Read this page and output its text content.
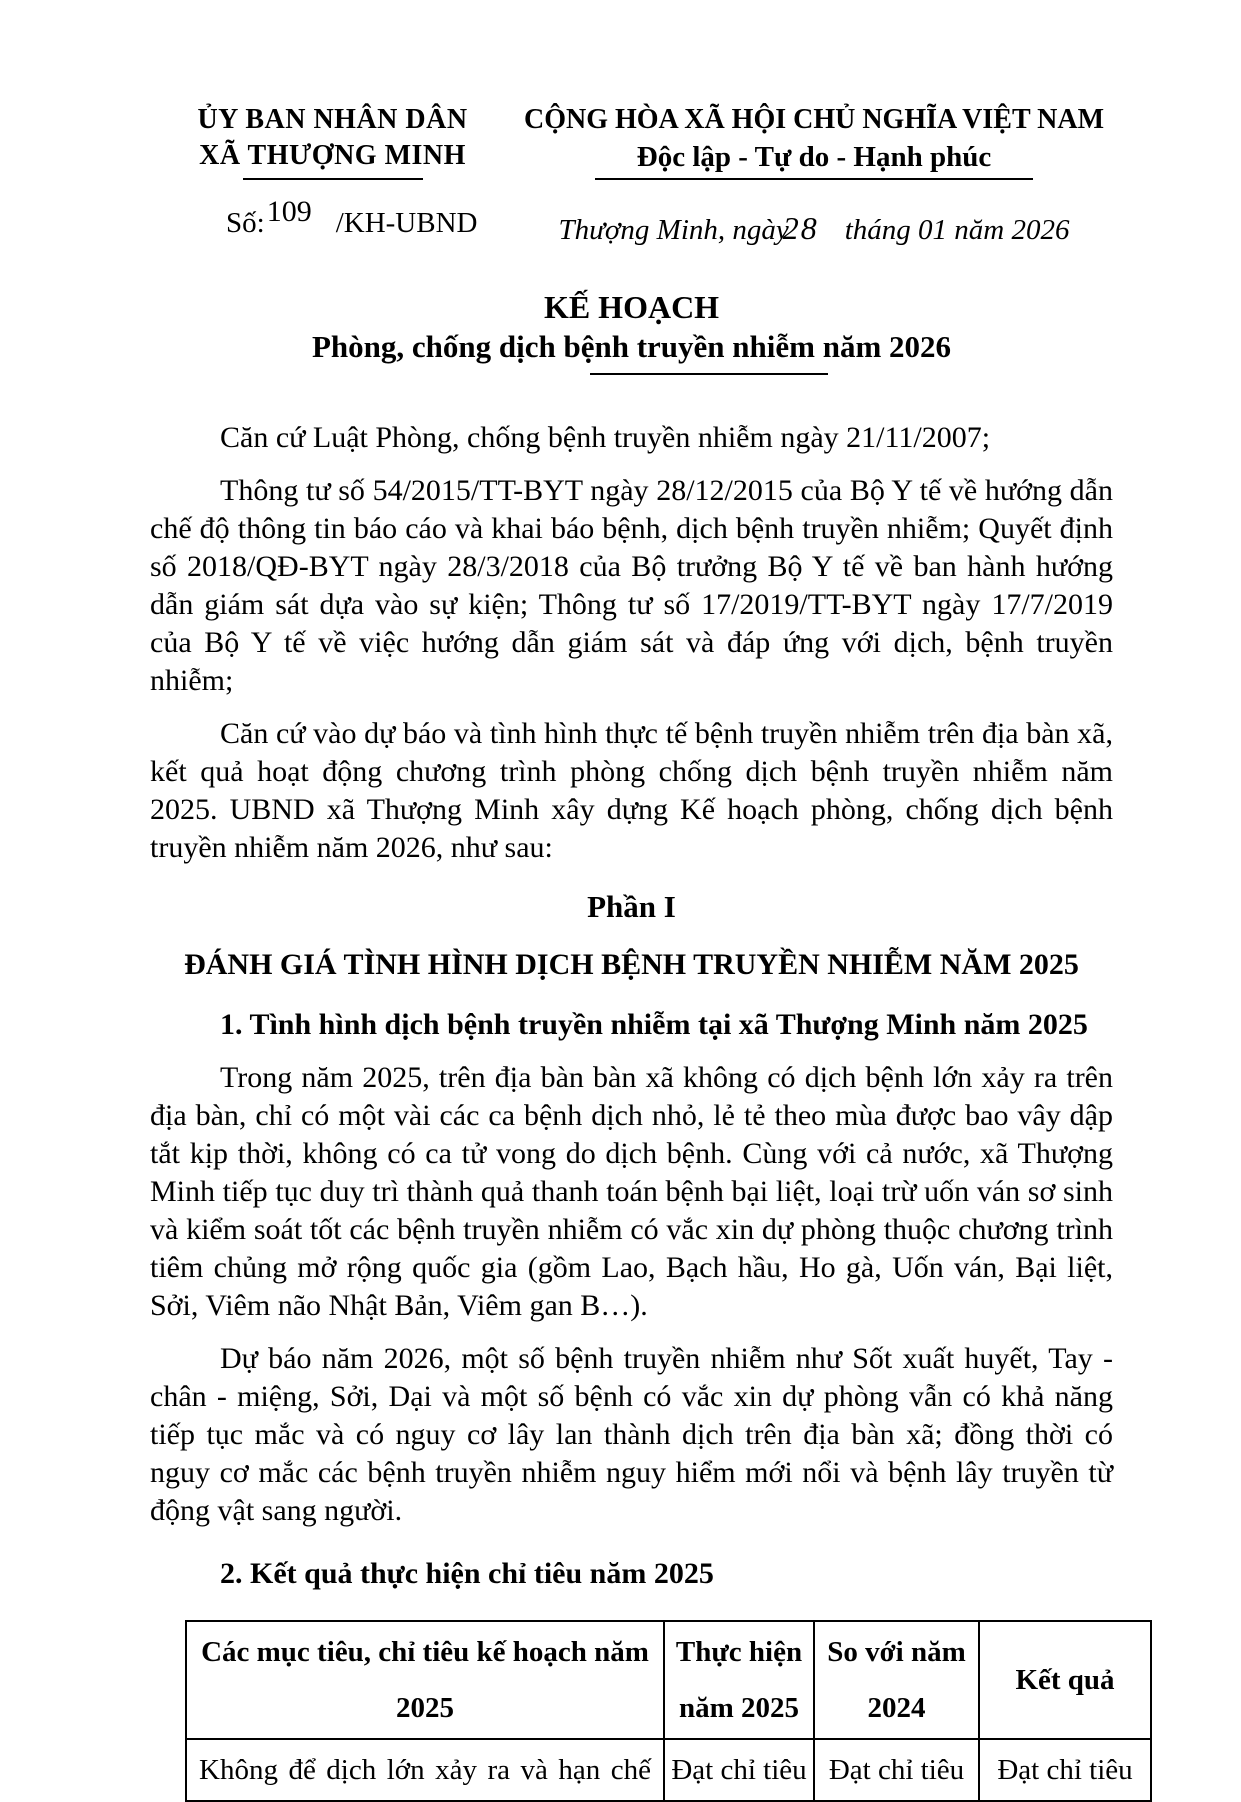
ỦY BAN NHÂN DÂN
XÃ THƯỢNG MINH
Số:109 /KH-UBND
CỘNG HÒA XÃ HỘI CHỦ NGHĨA VIỆT NAM
Độc lập - Tự do - Hạnh phúc
Thượng Minh, ngày28 tháng 01 năm 2026
KẾ HOẠCH
Phòng, chống dịch bệnh truyền nhiễm năm 2026

Căn cứ Luật Phòng, chống bệnh truyền nhiễm ngày 21/11/2007;

Thông tư số 54/2015/TT-BYT ngày 28/12/2015 của Bộ Y tế về hướng dẫn chế độ thông tin báo cáo và khai báo bệnh, dịch bệnh truyền nhiễm; Quyết định số 2018/QĐ-BYT ngày 28/3/2018 của Bộ trưởng Bộ Y tế về ban hành hướng dẫn giám sát dựa vào sự kiện; Thông tư số 17/2019/TT-BYT ngày 17/7/2019 của Bộ Y tế về việc hướng dẫn giám sát và đáp ứng với dịch, bệnh truyền nhiễm;

Căn cứ vào dự báo và tình hình thực tế bệnh truyền nhiễm trên địa bàn xã, kết quả hoạt động chương trình phòng chống dịch bệnh truyền nhiễm năm 2025. UBND xã Thượng Minh xây dựng Kế hoạch phòng, chống dịch bệnh truyền nhiễm năm 2026, như sau:

Phần I
ĐÁNH GIÁ TÌNH HÌNH DỊCH BỆNH TRUYỀN NHIỄM NĂM 2025
1. Tình hình dịch bệnh truyền nhiễm tại xã Thượng Minh năm 2025

Trong năm 2025, trên địa bàn bàn xã không có dịch bệnh lớn xảy ra trên địa bàn, chỉ có một vài các ca bệnh dịch nhỏ, lẻ tẻ theo mùa được bao vây dập tắt kịp thời, không có ca tử vong do dịch bệnh. Cùng với cả nước, xã Thượng Minh tiếp tục duy trì thành quả thanh toán bệnh bại liệt, loại trừ uốn ván sơ sinh và kiểm soát tốt các bệnh truyền nhiễm có vắc xin dự phòng thuộc chương trình tiêm chủng mở rộng quốc gia (gồm Lao, Bạch hầu, Ho gà, Uốn ván, Bại liệt, Sởi, Viêm não Nhật Bản, Viêm gan B…).

Dự báo năm 2026, một số bệnh truyền nhiễm như Sốt xuất huyết, Tay - chân - miệng, Sởi, Dại và một số bệnh có vắc xin dự phòng vẫn có khả năng tiếp tục mắc và có nguy cơ lây lan thành dịch trên địa bàn xã; đồng thời có nguy cơ mắc các bệnh truyền nhiễm nguy hiểm mới nổi và bệnh lây truyền từ động vật sang người.

2. Kết quả thực hiện chỉ tiêu năm 2025
Các mục tiêu, chỉ tiêu kế hoạch năm 2025	Thực hiện năm 2025	So với năm 2024	Kết quả
Không để dịch lớn xảy ra và hạn chế	Đạt chỉ tiêu	Đạt chỉ tiêu	Đạt chỉ tiêu
